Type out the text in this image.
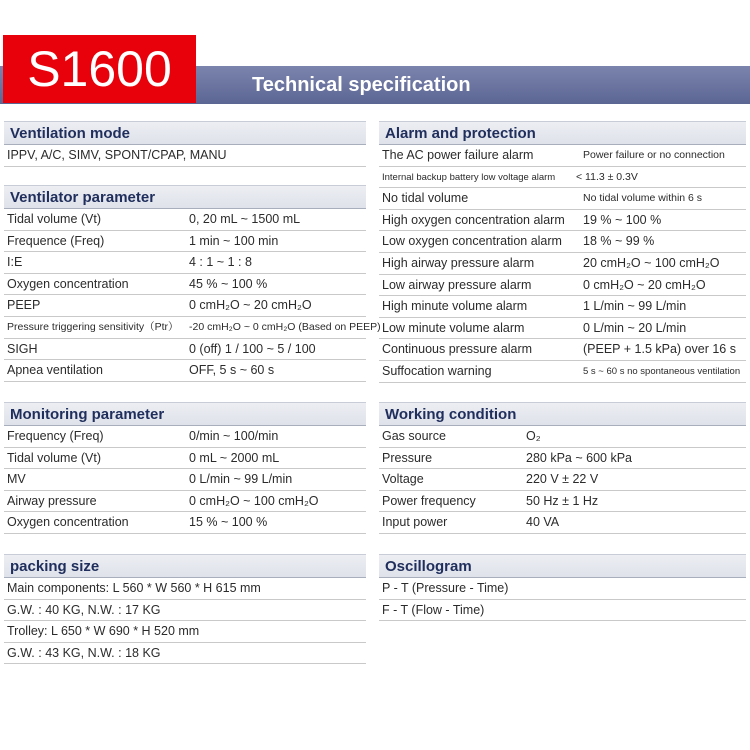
Technical specification
S1600
Ventilation mode
IPPV, A/C, SIMV, SPONT/CPAP, MANU
Ventilator parameter
Tidal volume (Vt)	0, 20 mL ~ 1500 mL
Frequence (Freq)	1 min ~ 100 min
I:E	4 : 1 ~ 1 : 8
Oxygen concentration	45 % ~ 100 %
PEEP	0 cmH₂O ~ 20 cmH₂O
Pressure triggering sensitivity（Ptr） -20 cmH₂O ~ 0 cmH₂O (Based on PEEP)
SIGH	0 (off) 1 / 100 ~ 5 / 100
Apnea ventilation	OFF, 5 s ~ 60 s
Monitoring parameter
Frequency (Freq)	0/min ~ 100/min
Tidal volume (Vt)	0 mL ~ 2000 mL
MV	0 L/min ~ 99 L/min
Airway pressure	0 cmH₂O ~ 100 cmH₂O
Oxygen concentration	15 % ~ 100 %
packing size
Main components: L 560 * W 560 * H 615 mm
G.W. : 40 KG, N.W. : 17 KG
Trolley: L 650 * W 690 * H 520 mm
G.W. : 43 KG, N.W. : 18 KG
Alarm and protection
The AC power failure alarm	Power failure or no connection
Internal backup battery low voltage alarm < 11.3 ± 0.3V
No tidal volume	No tidal volume within 6 s
High oxygen concentration alarm 19 % ~ 100 %
Low oxygen concentration alarm 18 % ~ 99 %
High airway pressure alarm	20 cmH₂O ~ 100 cmH₂O
Low airway pressure alarm	0 cmH₂O ~ 20 cmH₂O
High minute volume alarm	1 L/min ~ 99 L/min
Low minute volume alarm	0 L/min ~ 20 L/min
Continuous pressure alarm	(PEEP + 1.5 kPa) over 16 s
Suffocation warning	5 s ~ 60 s no spontaneous ventilation
Working condition
Gas source	O₂
Pressure	280 kPa ~ 600 kPa
Voltage	220 V ± 22 V
Power frequency	50 Hz ± 1 Hz
Input power	40 VA
Oscillogram
P - T (Pressure - Time)
F - T (Flow - Time)
